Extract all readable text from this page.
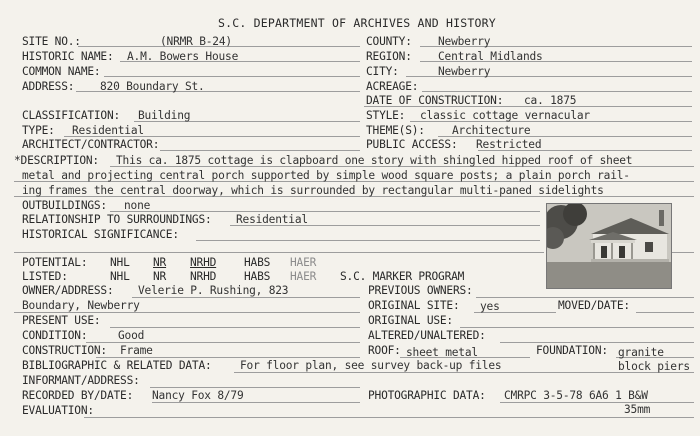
S.C. DEPARTMENT OF ARCHIVES AND HISTORY
SITE NO.:	(NRMR B-24)
HISTORIC NAME: A.M. Bowers House
COMMON NAME:
ADDRESS: 820 Boundary St.
CLASSIFICATION: Building
TYPE: Residential
ARCHITECT/CONTRACTOR:
COUNTY: Newberry
REGION: Central Midlands
CITY:	Newberry
ACREAGE:
DATE OF CONSTRUCTION: ca. 1875
STYLE: classic cottage vernacular
THEME(S): Architecture
PUBLIC ACCESS: Restricted
*DESCRIPTION: This ca. 1875 cottage is clapboard one story with shingled hipped roof of sheet
metal and projecting central porch supported by simple wood square posts; a plain porch rail-
ing frames the central doorway, which is surrounded by rectangular multi-paned sidelights
OUTBUILDINGS: none
RELATIONSHIP TO SURROUNDINGS: Residential
HISTORICAL SIGNIFICANCE:
POTENTIAL: NHL NR NRHD HABS HAER
LISTED:	NHL NR NRHD HABS HAER S.C. MARKER PROGRAM
OWNER/ADDRESS: Velerie P. Rushing, 823
Boundary, Newberry
PRESENT USE:
CONDITION:	Good
CONSTRUCTION: Frame
BIBLIOGRAPHIC & RELATED DATA:	For floor plan, see survey back-up files
INFORMANT/ADDRESS:
RECORDED BY/DATE: Nancy Fox 8/79
EVALUATION:
PREVIOUS OWNERS:
ORIGINAL SITE: yes	MOVED/DATE:
ORIGINAL USE:
ALTERED/UNALTERED:
ROOF: sheet metal	FOUNDATION: granite
block piers
PHOTOGRAPHIC DATA: CMRPC 3-5-78 6A6 1 B&W
35mm
